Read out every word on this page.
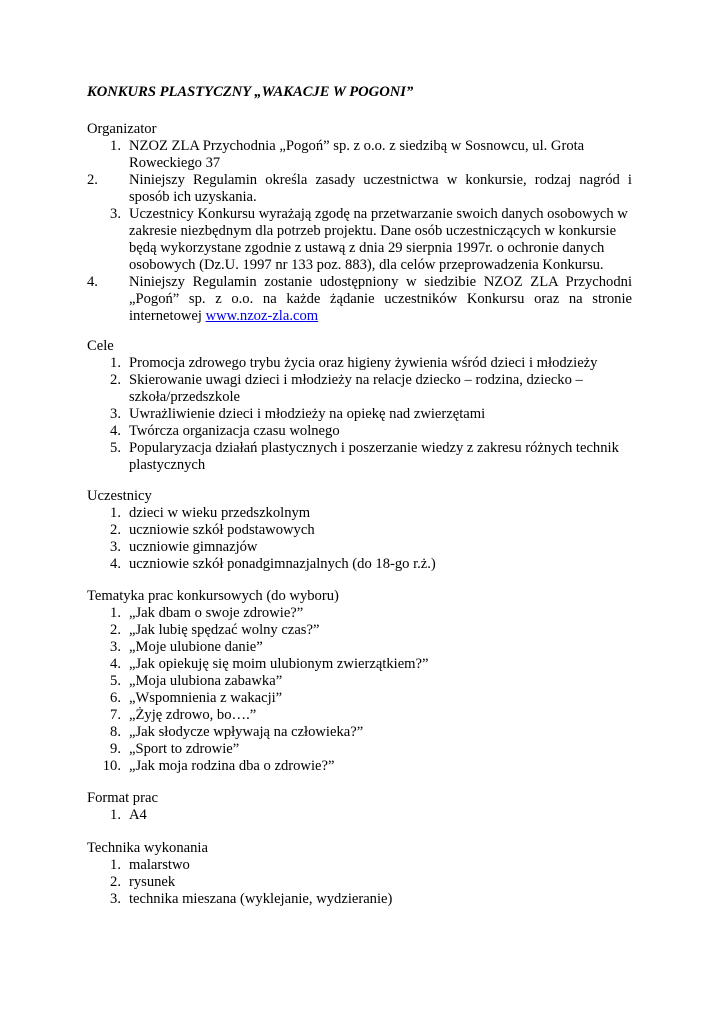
KONKURS PLASTYCZNY „WAKACJE W POGONI”
Organizator
1. NZOZ ZLA Przychodnia „Pogoń” sp. z o.o. z siedzibą w Sosnowcu, ul. Grota Roweckiego 37
2.	Niniejszy Regulamin określa zasady uczestnictwa w konkursie, rodzaj nagród i sposób ich uzyskania.
3. Uczestnicy Konkursu wyrażają zgodę na przetwarzanie swoich danych osobowych w zakresie niezbędnym dla potrzeb projektu. Dane osób uczestniczących w konkursie będą wykorzystane zgodnie z ustawą z dnia 29 sierpnia 1997r. o ochronie danych osobowych (Dz.U. 1997 nr 133 poz. 883), dla celów przeprowadzenia Konkursu.
4.	Niniejszy Regulamin zostanie udostępniony w siedzibie NZOZ ZLA Przychodni „Pogoń” sp. z o.o. na każde żądanie uczestników Konkursu oraz na stronie internetowej www.nzoz-zla.com
Cele
1. Promocja zdrowego trybu życia oraz higieny żywienia wśród dzieci i młodzieży
2. Skierowanie uwagi dzieci i młodzieży na relacje dziecko – rodzina, dziecko – szkoła/przedszkole
3. Uwrażliwienie dzieci i młodzieży na opiekę nad zwierzętami
4. Twórcza organizacja czasu wolnego
5. Popularyzacja działań plastycznych i poszerzanie wiedzy z zakresu różnych technik plastycznych
Uczestnicy
1. dzieci w wieku przedszkolnym
2. uczniowie szkół podstawowych
3. uczniowie gimnazjów
4. uczniowie szkół ponadgimnazjalnych (do 18-go r.ż.)
Tematyka prac konkursowych (do wyboru)
1. „Jak dbam o swoje zdrowie?”
2. „Jak lubię spędzać wolny czas?”
3. „Moje ulubione danie”
4. „Jak opiekuję się moim ulubionym zwierzątkiem?”
5. „Moja ulubiona zabawka”
6. „Wspomnienia z wakacji”
7. „Żyję zdrowo, bo….”
8. „Jak słodycze wpływają na człowieka?”
9. „Sport to zdrowie”
10. „Jak moja rodzina dba o zdrowie?”
Format prac
1. A4
Technika wykonania
1. malarstwo
2. rysunek
3. technika mieszana (wyklejanie, wydzieranie)
